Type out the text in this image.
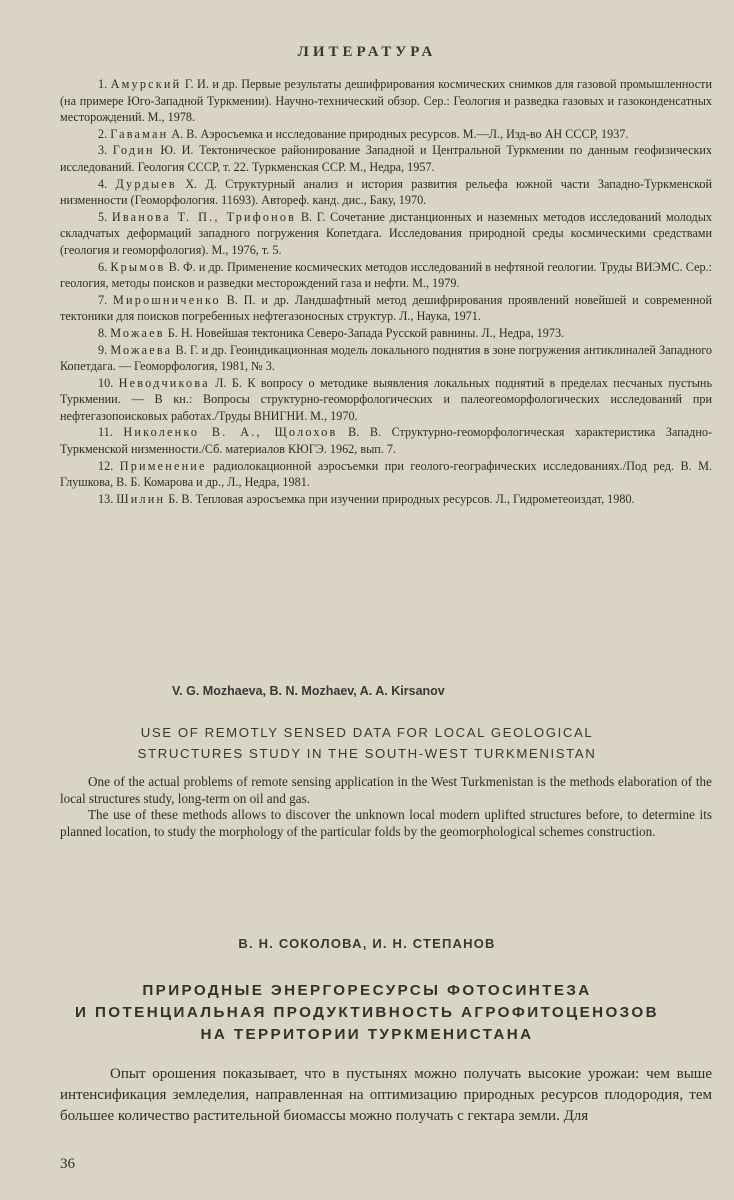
ЛИТЕРАТУРА

1. Амурский Г. И. и др. Первые результаты дешифрирования космических снимков для газовой промышленности (на примере Юго-Западной Туркмении). Научно-технический обзор. Сер.: Геология и разведка газовых и газоконденсатных месторождений. М., 1978.

2. Гаваман А. В. Аэросъемка и исследование природных ресурсов. М.—Л., Изд-во АН СССР, 1937.

3. Годин Ю. И. Тектоническое районирование Западной и Центральной Туркмении по данным геофизических исследований. Геология СССР, т. 22. Туркменская ССР. М., Недра, 1957.

4. Дурдыев Х. Д. Структурный анализ и история развития рельефа южной части Западно-Туркменской низменности (Геоморфология. 11693). Автореф. канд. дис., Баку, 1970.

5. Иванова Т. П., Трифонов В. Г. Сочетание дистанционных и наземных методов исследований молодых складчатых деформаций западного погружения Копетдага. Исследования природной среды космическими средствами (геология и геоморфология). М., 1976, т. 5.

6. Крымов В. Ф. и др. Применение космических методов исследований в нефтяной геологии. Труды ВИЭМС. Сер.: геология, методы поисков и разведки месторождений газа и нефти. М., 1979.

7. Мирошниченко В. П. и др. Ландшафтный метод дешифрирования проявлений новейшей и современной тектоники для поисков погребенных нефтегазоносных структур. Л., Наука, 1971.

8. Можаев Б. Н. Новейшая тектоника Северо-Запада Русской равнины. Л., Недра, 1973.

9. Можаева В. Г. и др. Геоиндикационная модель локального поднятия в зоне погружения антиклиналей Западного Копетдага. — Геоморфология, 1981, № 3.

10. Неводчикова Л. Б. К вопросу о методике выявления локальных поднятий в пределах песчаных пустынь Туркмении. — В кн.: Вопросы структурно-геоморфологических и палеогеоморфологических исследований при нефтегазопоисковых работах./Труды ВНИГНИ. М., 1970.

11. Николенко В. А., Щолохов В. В. Структурно-геоморфологическая характеристика Западно-Туркменской низменности./Сб. материалов КЮГЭ. 1962, вып. 7.

12. Применение радиолокационной аэросъемки при геолого-географических исследованиях./Под ред. В. М. Глушкова, В. Б. Комарова и др., Л., Недра, 1981.

13. Шилин Б. В. Тепловая аэросъемка при изучении природных ресурсов. Л., Гидрометеоиздат, 1980.

V. G. Mozhaeva, B. N. Mozhaev, A. A. Kirsanov
USE OF REMOTLY SENSED DATA FOR LOCAL GEOLOGICAL
STRUCTURES STUDY IN THE SOUTH-WEST TURKMENISTAN

One of the actual problems of remote sensing application in the West Turkmenistan is the methods elaboration of the local structures study, long-term on oil and gas.

The use of these methods allows to discover the unknown local modern uplifted structures before, to determine its planned location, to study the morphology of the particular folds by the geomorphological schemes construction.

В. Н. СОКОЛОВА, И. Н. СТЕПАНОВ
ПРИРОДНЫЕ ЭНЕРГОРЕСУРСЫ ФОТОСИНТЕЗА
И ПОТЕНЦИАЛЬНАЯ ПРОДУКТИВНОСТЬ АГРОФИТОЦЕНОЗОВ
НА ТЕРРИТОРИИ ТУРКМЕНИСТАНА

Опыт орошения показывает, что в пустынях можно получать высокие урожаи: чем выше интенсификация земледелия, направленная на оптимизацию природных ресурсов плодородия, тем большее количество растительной биомассы можно получать с гектара земли. Для

36
